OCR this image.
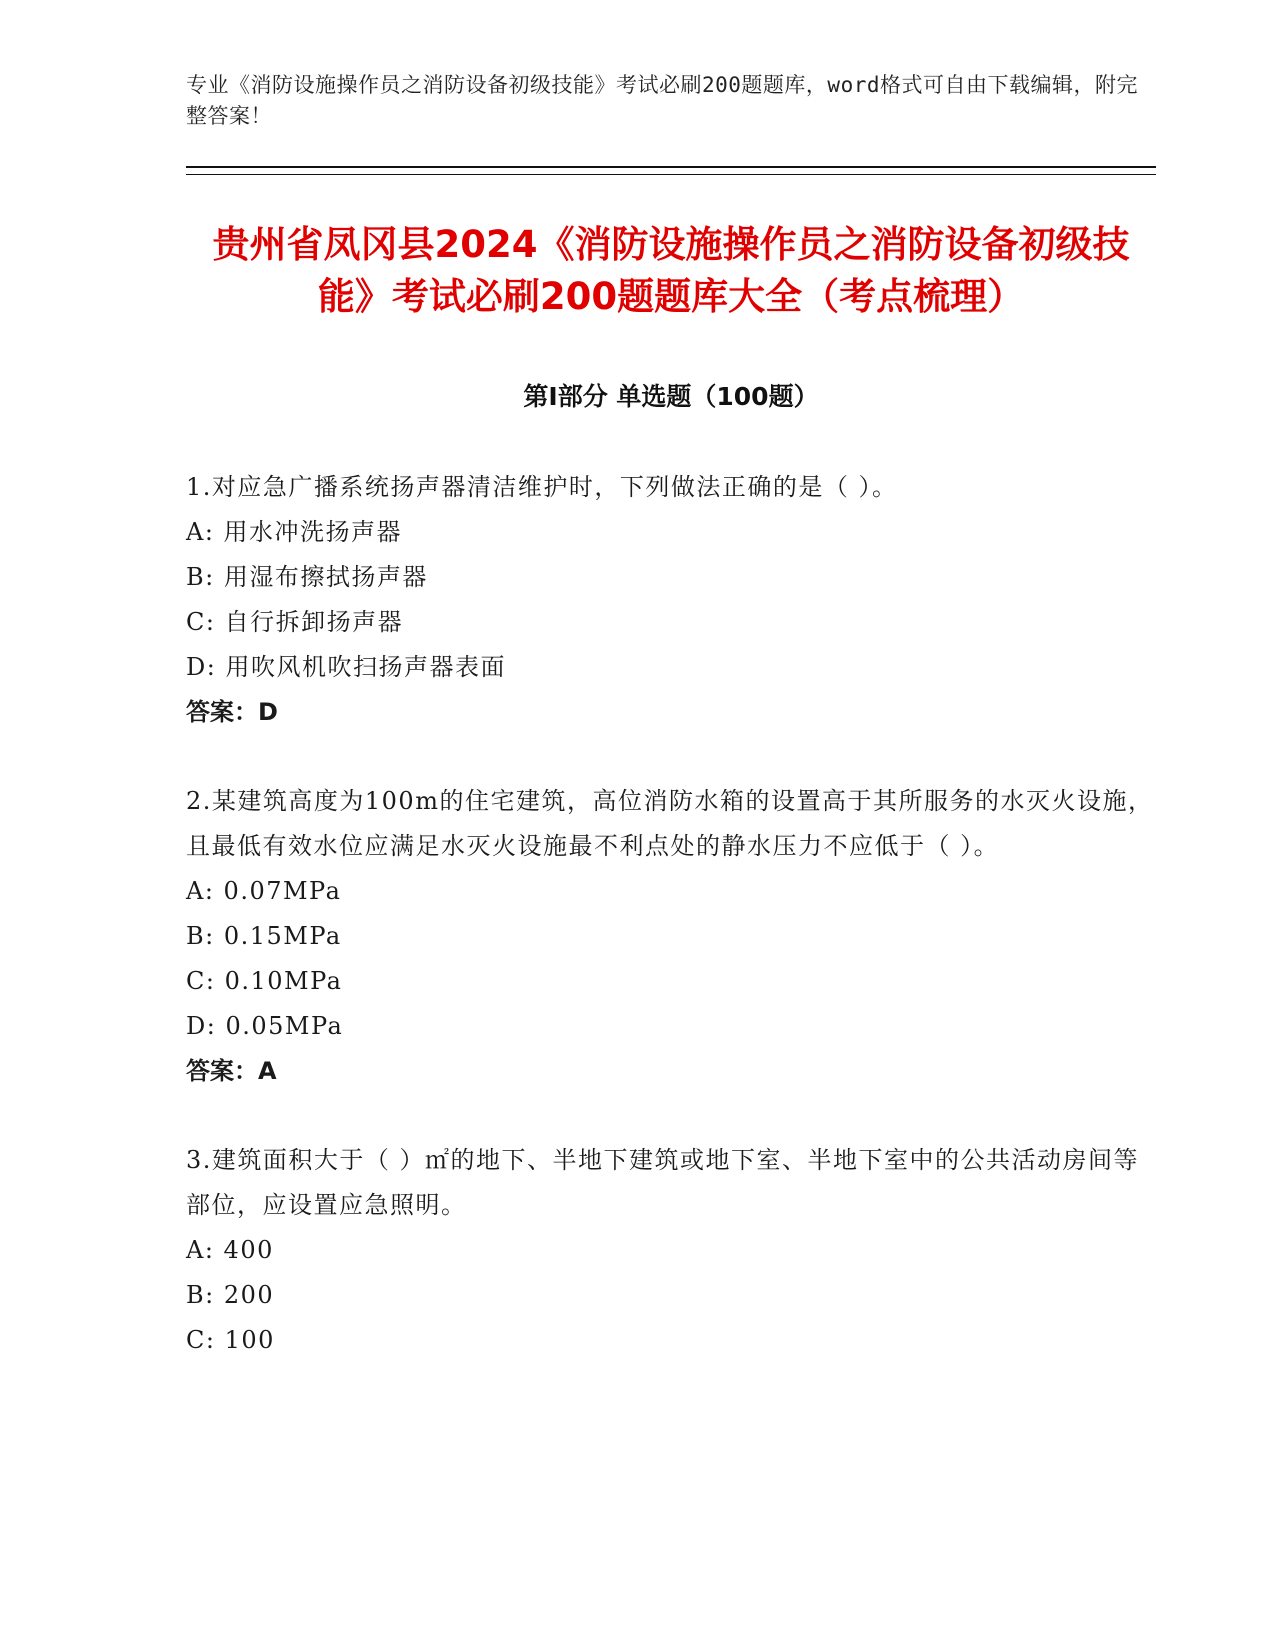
专业《消防设施操作员之消防设备初级技能》考试必刷200题题库，word格式可自由下载编辑，附完整答案！
贵州省凤冈县2024《消防设施操作员之消防设备初级技能》考试必刷200题题库大全（考点梳理）
第I部分 单选题（100题）
1.对应急广播系统扬声器清洁维护时，下列做法正确的是（ ）。
A: 用水冲洗扬声器
B: 用湿布擦拭扬声器
C: 自行拆卸扬声器
D: 用吹风机吹扫扬声器表面
答案：D
2.某建筑高度为100m的住宅建筑，高位消防水箱的设置高于其所服务的水灭火设施，且最低有效水位应满足水灭火设施最不利点处的静水压力不应低于（ ）。
A: 0.07MPa
B: 0.15MPa
C: 0.10MPa
D: 0.05MPa
答案：A
3.建筑面积大于（ ）㎡的地下、半地下建筑或地下室、半地下室中的公共活动房间等部位，应设置应急照明。
A: 400
B: 200
C: 100
